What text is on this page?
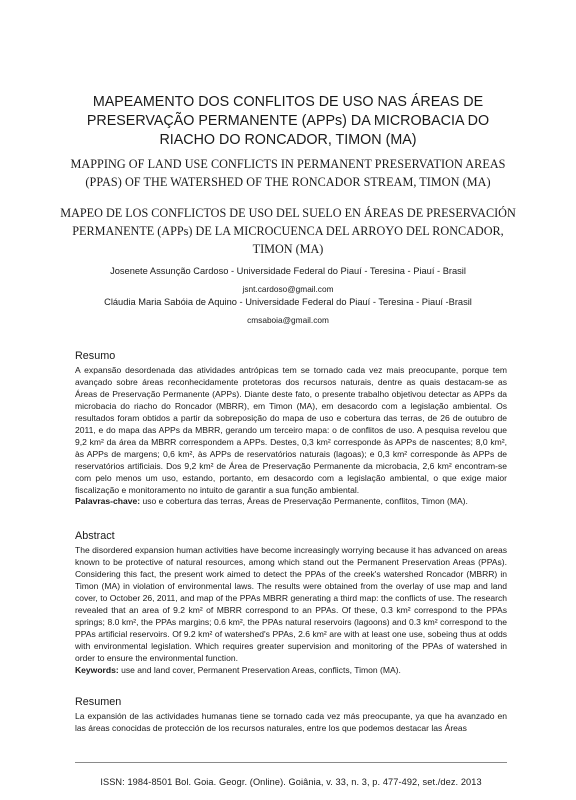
MAPEAMENTO DOS CONFLITOS DE USO NAS ÁREAS DE PRESERVAÇÃO PERMANENTE (APPs) DA MICROBACIA DO RIACHO DO RONCADOR, TIMON (MA)
MAPPING OF LAND USE CONFLICTS IN PERMANENT PRESERVATION AREAS (PPAS) OF THE WATERSHED OF THE RONCADOR STREAM, TIMON (MA)
MAPEO DE LOS CONFLICTOS DE USO DEL SUELO EN ÁREAS DE PRESERVACIÓN PERMANENTE (APPs) DE LA MICROCUENCA DEL ARROYO DEL RONCADOR, TIMON (MA)
Josenete Assunção Cardoso - Universidade Federal do Piauí - Teresina - Piauí - Brasil
jsnt.cardoso@gmail.com
Cláudia Maria Sabóia de Aquino - Universidade Federal do Piauí - Teresina - Piauí -Brasil
cmsaboia@gmail.com
Resumo
A expansão desordenada das atividades antrópicas tem se tornado cada vez mais preocupante, porque tem avançado sobre áreas reconhecidamente protetoras dos recursos naturais, dentre as quais destacam-se as Áreas de Preservação Permanente (APPs). Diante deste fato, o presente trabalho objetivou detectar as APPs da microbacia do riacho do Roncador (MBRR), em Timon (MA), em desacordo com a legislação ambiental. Os resultados foram obtidos a partir da sobreposição do mapa de uso e cobertura das terras, de 26 de outubro de 2011, e do mapa das APPs da MBRR, gerando um terceiro mapa: o de conflitos de uso. A pesquisa revelou que 9,2 km² da área da MBRR correspondem a APPs. Destes, 0,3 km² corresponde às APPs de nascentes; 8,0 km², às APPs de margens; 0,6 km², às APPs de reservatórios naturais (lagoas); e 0,3 km² corresponde às APPs de reservatórios artificiais. Dos 9,2 km² de Área de Preservação Permanente da microbacia, 2,6 km² encontram-se com pelo menos um uso, estando, portanto, em desacordo com a legislação ambiental, o que exige maior fiscalização e monitoramento no intuito de garantir a sua função ambiental.
Palavras-chave: uso e cobertura das terras, Áreas de Preservação Permanente, conflitos, Timon (MA).
Abstract
The disordered expansion human activities have become increasingly worrying because it has advanced on areas known to be protective of natural resources, among which stand out the Permanent Preservation Areas (PPAs). Considering this fact, the present work aimed to detect the PPAs of the creek's watershed Roncador (MBRR) in Timon (MA) in violation of environmental laws. The results were obtained from the overlay of use map and land cover, to October 26, 2011, and map of the PPAs MBRR generating a third map: the conflicts of use. The research revealed that an area of 9.2 km² of MBRR correspond to an PPAs. Of these, 0.3 km² correspond to the PPAs springs; 8.0 km², the PPAs margins; 0.6 km², the PPAs natural reservoirs (lagoons) and 0.3 km² correspond to the PPAs artificial reservoirs. Of 9.2 km² of watershed's PPAs, 2.6 km² are with at least one use, sobeing thus at odds with environmental legislation. Which requires greater supervision and monitoring of the PPAs of watershed in order to ensure the environmental function.
Keywords: use and land cover, Permanent Preservation Areas, conflicts, Timon (MA).
Resumen
La expansión de las actividades humanas tiene se tornado cada vez más preocupante, ya que ha avanzado en las áreas conocidas de protección de los recursos naturales, entre los que podemos destacar las Áreas
ISSN: 1984-8501 Bol. Goia. Geogr. (Online). Goiânia, v. 33, n. 3, p. 477-492, set./dez. 2013
